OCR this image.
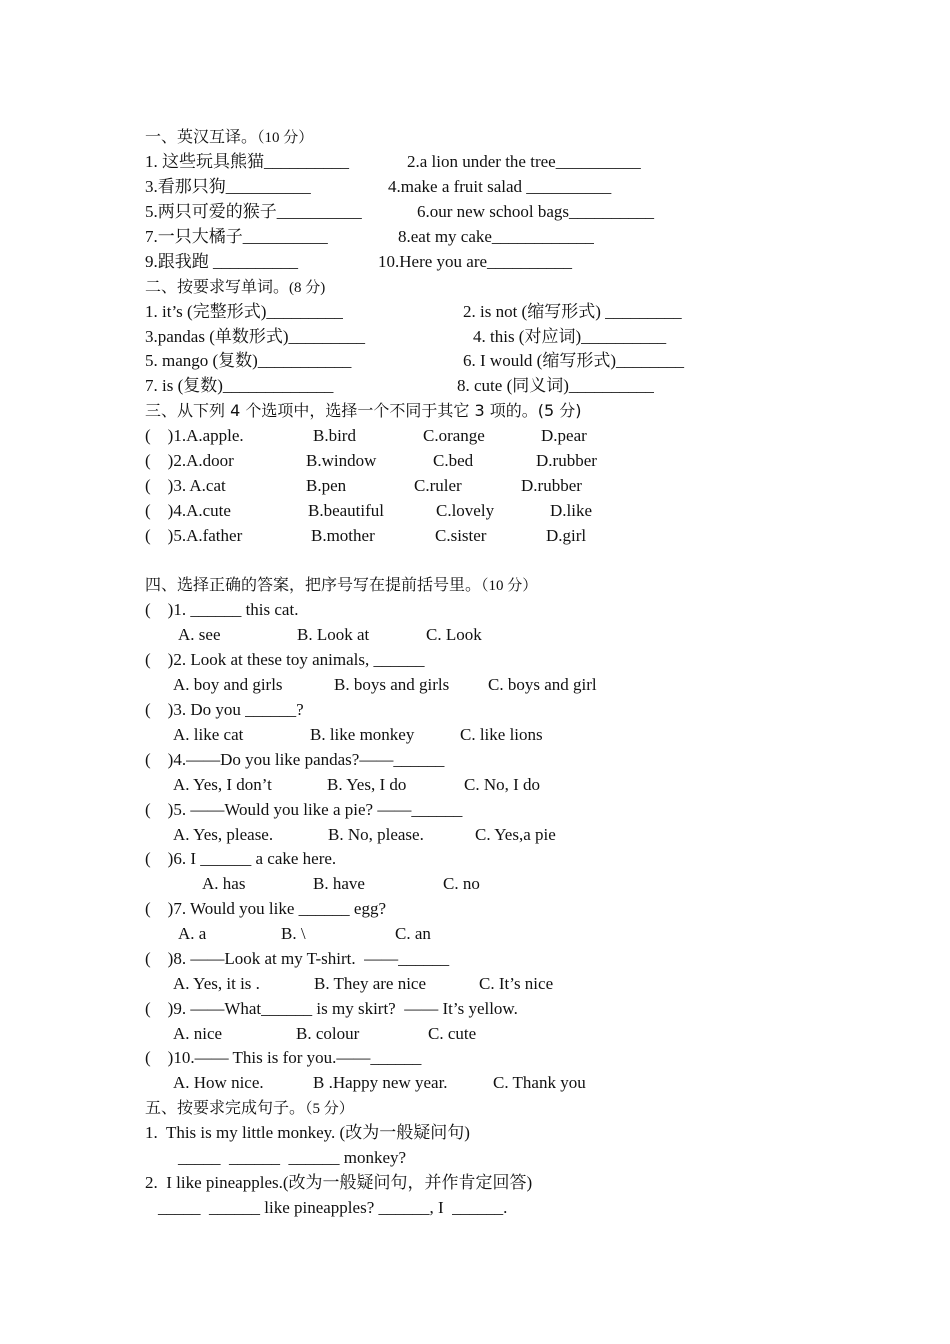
一、英汉互译。（10 分）
1. 这些玩具熊猫__________	2.a lion under the tree__________
3.看那只狗__________	4.make a fruit salad __________
5.两只可爱的猴子__________	6.our new school bags__________
7.一只大橘子__________	8.eat my cake____________
9.跟我跑 __________	10.Here you are__________
二、按要求写单词。(8 分)
1. it’s (完整形式)_________	2. is not (缩写形式) _________
3.pandas (单数形式)_________	4. this (对应词)__________
5. mango (复数)___________	6. I would (缩写形式)________
7. is (复数)_____________	8. cute (同义词)__________
三、从下列 4 个选项中，选择一个不同于其它 3 项的。(5 分)
(    )1.A.apple.	B.bird	C.orange	D.pear
(    )2.A.door	B.window	C.bed	D.rubber
(    )3. A.cat	B.pen	C.ruler	D.rubber
(    )4.A.cute	B.beautiful	C.lovely	D.like
(    )5.A.father	B.mother	C.sister	D.girl
四、选择正确的答案，把序号写在提前括号里。（10 分）
(    )1. ______ this cat.
A. see	B. Look at	C. Look
(    )2. Look at these toy animals, ______
A. boy and girls	B. boys and girls C. boys and girl
(    )3. Do you ______?
A. like cat	B. like monkey	C. like lions
(    )4.——Do you like pandas?——______
A. Yes, I don’t	B. Yes, I do	C. No, I do
(    )5. ——Would you like a pie? ——______
A. Yes, please.	B. No, please.	C. Yes,a pie
(    )6. I ______ a cake here.
A. has	B. have	C. no
(    )7. Would you like ______ egg?
A. a	B. \	C. an
(    )8. ——Look at my T-shirt.  ——______
A. Yes, it is .	B. They are nice	C. It’s nice
(    )9. ——What______ is my skirt?  —— It’s yellow.
A. nice	B. colour	C. cute
(    )10.—— This is for you.——______
A. How nice.	B .Happy new year.	C. Thank you
五、按要求完成句子。（5 分）
1.  This is my little monkey. (改为一般疑问句)
_____  ______  ______ monkey?
2.  I like pineapples.(改为一般疑问句，并作肯定回答)
_____  ______ like pineapples? ______, I  ______.
